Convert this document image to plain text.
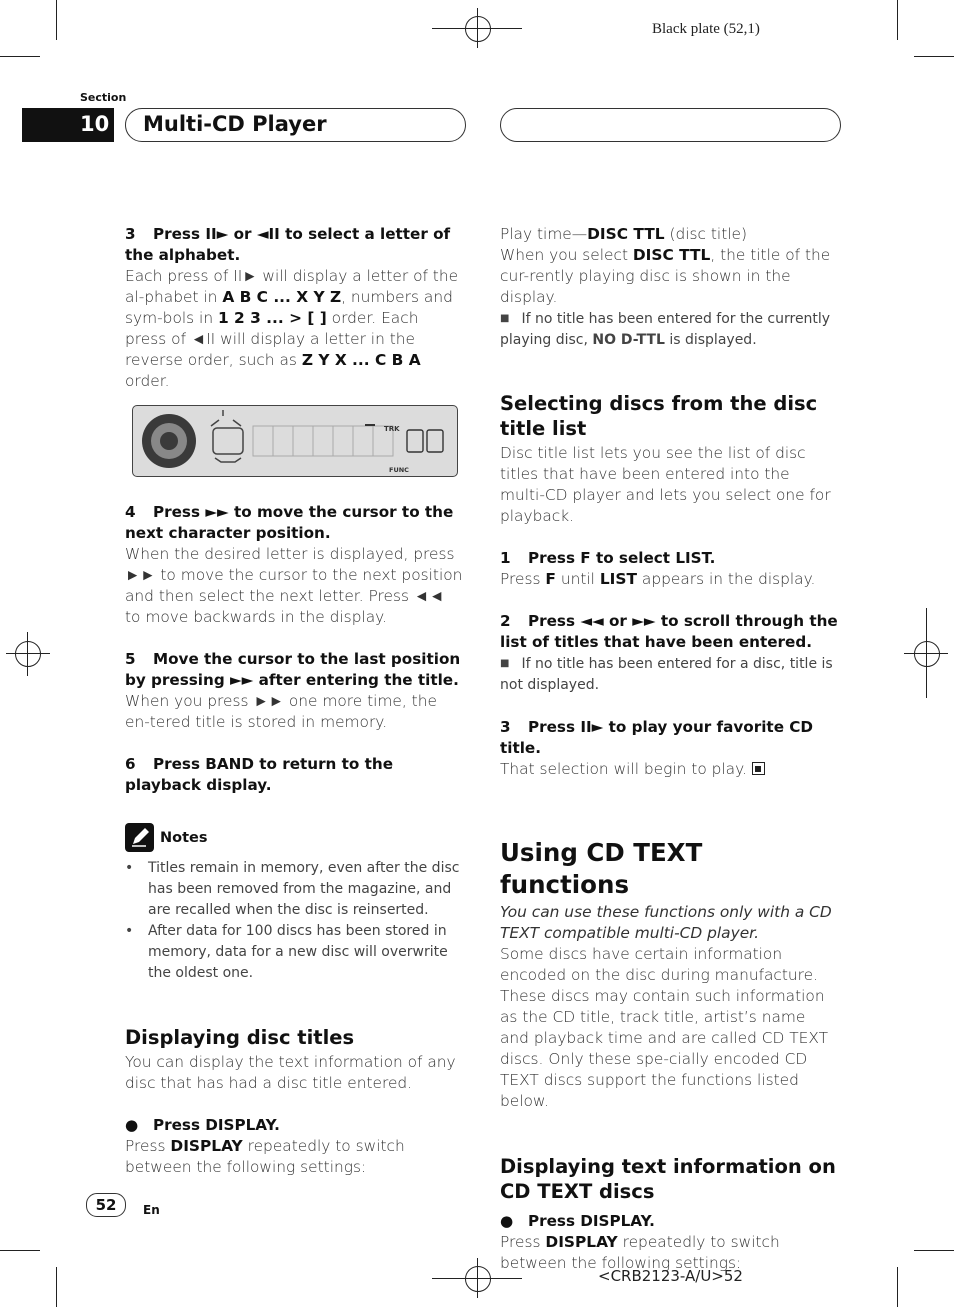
Black plate (52,1)
Section
10 Multi-CD Player
3 Press II► or ◄II to select a letter of the alphabet.
Each press of II► will display a letter of the al-phabet in A B C ... X Y Z, numbers and sym-bols in 1 2 3 ... > [ ] order. Each press of ◄II will display a letter in the reverse order, such as Z Y X ... C B A order.
TRK
FUNC
4 Press ►► to move the cursor to the next character position.
When the desired letter is displayed, press ►► to move the cursor to the next position and then select the next letter. Press ◄◄ to move backwards in the display.
5 Move the cursor to the last position by pressing ►► after entering the title.
When you press ►► one more time, the en-tered title is stored in memory.
6 Press BAND to return to the playback display.
Notes
• Titles remain in memory, even after the disc has been removed from the magazine, and are recalled when the disc is reinserted.
• After data for 100 discs has been stored in memory, data for a new disc will overwrite the oldest one.
Displaying disc titles
You can display the text information of any disc that has had a disc title entered.
● Press DISPLAY.
Press DISPLAY repeatedly to switch between the following settings:
Play time—DISC TTL (disc title)
When you select DISC TTL, the title of the cur-rently playing disc is shown in the display.
■ If no title has been entered for the currently playing disc, NO D-TTL is displayed.
Selecting discs from the disc title list
Disc title list lets you see the list of disc titles that have been entered into the multi-CD player and lets you select one for playback.
1 Press F to select LIST.
Press F until LIST appears in the display.
2 Press ◄◄ or ►► to scroll through the list of titles that have been entered.
■ If no title has been entered for a disc, title is not displayed.
3 Press II► to play your favorite CD title.
That selection will begin to play.
Using CD TEXT functions
You can use these functions only with a CD TEXT compatible multi-CD player.
Some discs have certain information encoded on the disc during manufacture. These discs may contain such information as the CD title, track title, artist’s name and playback time and are called CD TEXT discs. Only these spe-cially encoded CD TEXT discs support the functions listed below.
Displaying text information on CD TEXT discs
● Press DISPLAY.
Press DISPLAY repeatedly to switch between the following settings:
52	En
<CRB2123-A/U>52
